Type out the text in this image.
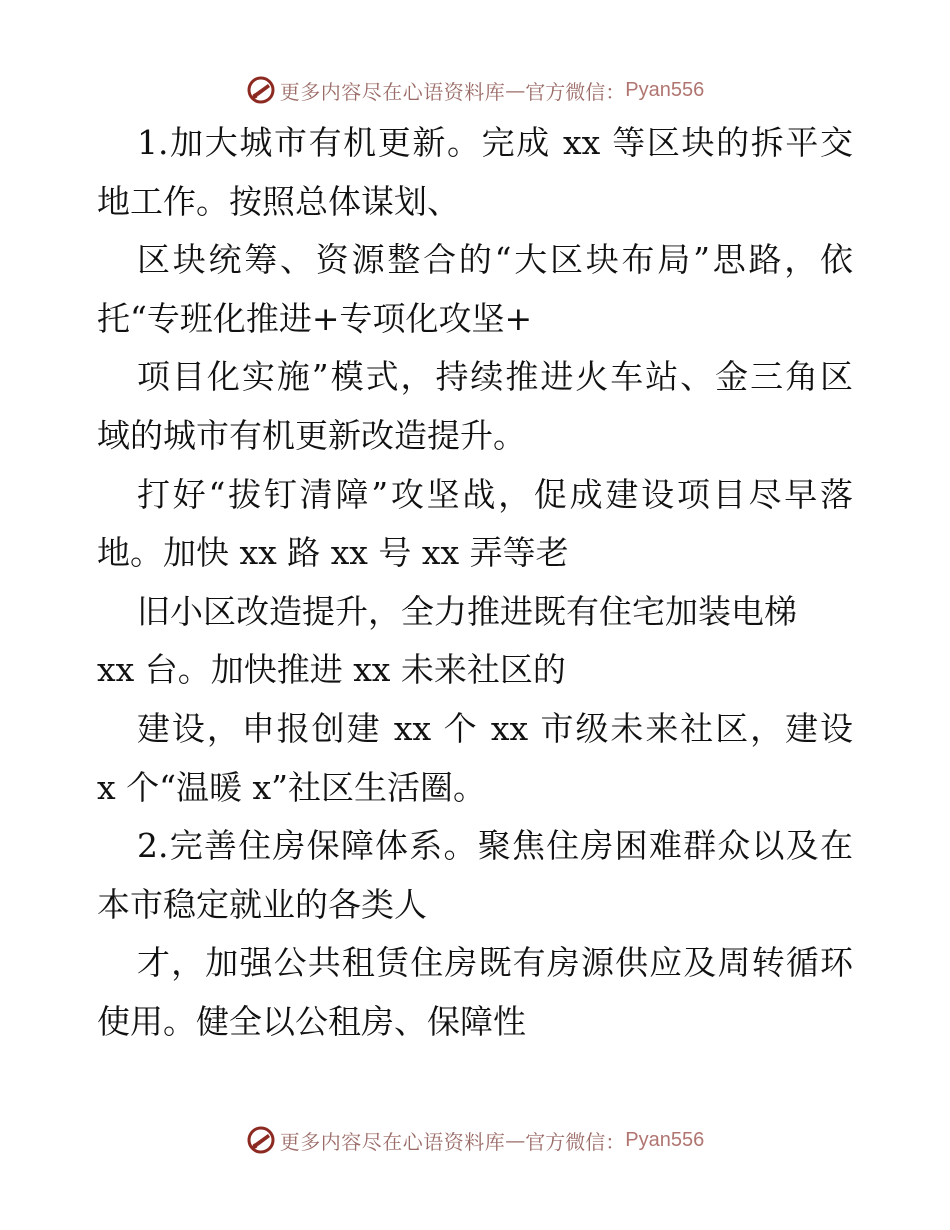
更多内容尽在心语资料库 — 官方微信： Pyan556
1.加大城市有机更新。完成 xx 等区块的拆平交
地工作。按照总体谋划、
区块统筹、资源整合的“大区块布局”思路，依
托“专班化推进+专项化攻坚+
项目化实施”模式，持续推进火车站、金三角区
域的城市有机更新改造提升。
打好“拔钉清障”攻坚战，促成建设项目尽早落
地。加快 xx 路 xx 号 xx 弄等老
旧小区改造提升，全力推进既有住宅加装电梯
xx 台。加快推进 xx 未来社区的
建设，申报创建 xx 个 xx 市级未来社区，建设
x 个“温暖 x”社区生活圈。
2.完善住房保障体系。聚焦住房困难群众以及在
本市稳定就业的各类人
才，加强公共租赁住房既有房源供应及周转循环
使用。健全以公租房、保障性
更多内容尽在心语资料库 — 官方微信： Pyan556
